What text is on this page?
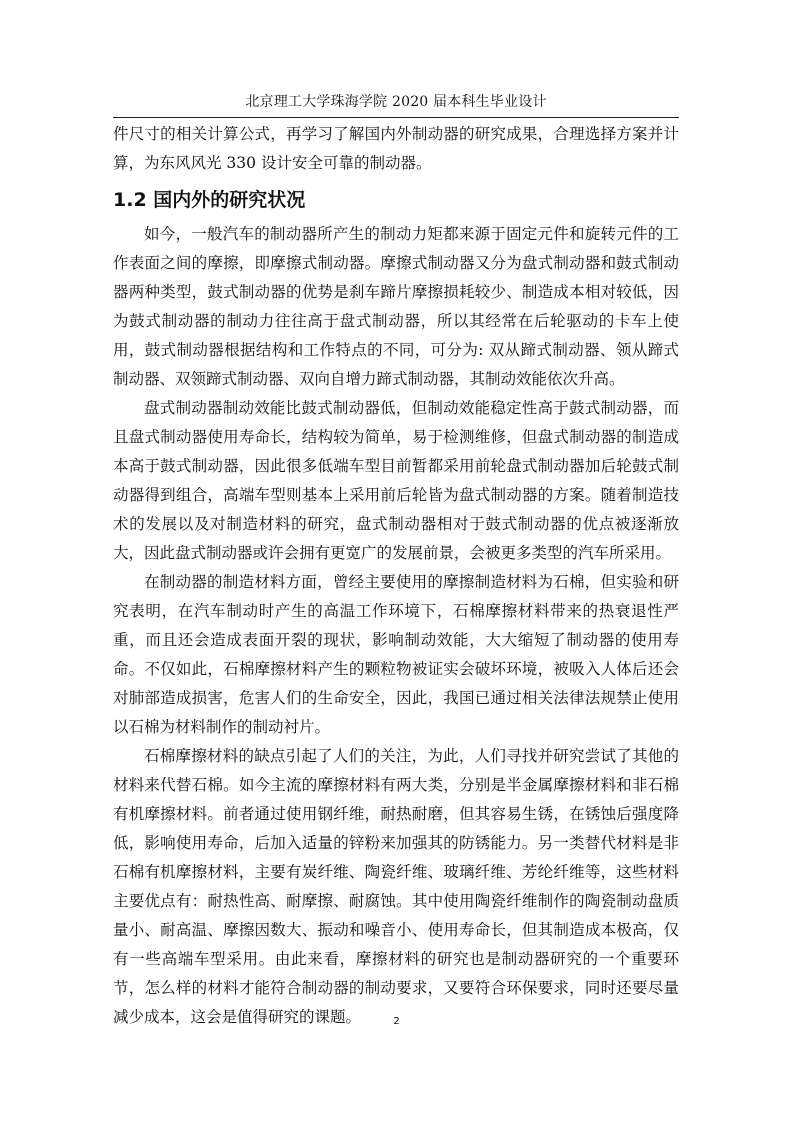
北京理工大学珠海学院 2020 届本科生毕业设计

件尺寸的相关计算公式，再学习了解国内外制动器的研究成果，合理选择方案并计算，为东风风光 330 设计安全可靠的制动器。

1.2 国内外的研究状况

如今，一般汽车的制动器所产生的制动力矩都来源于固定元件和旋转元件的工作表面之间的摩擦，即摩擦式制动器。摩擦式制动器又分为盘式制动器和鼓式制动器两种类型，鼓式制动器的优势是刹车蹄片摩擦损耗较少、制造成本相对较低，因为鼓式制动器的制动力往往高于盘式制动器，所以其经常在后轮驱动的卡车上使用，鼓式制动器根据结构和工作特点的不同，可分为: 双从蹄式制动器、领从蹄式制动器、双领蹄式制动器、双向自增力蹄式制动器，其制动效能依次升高。

盘式制动器制动效能比鼓式制动器低，但制动效能稳定性高于鼓式制动器，而且盘式制动器使用寿命长，结构较为简单，易于检测维修，但盘式制动器的制造成本高于鼓式制动器，因此很多低端车型目前暂都采用前轮盘式制动器加后轮鼓式制动器得到组合，高端车型则基本上采用前后轮皆为盘式制动器的方案。随着制造技术的发展以及对制造材料的研究，盘式制动器相对于鼓式制动器的优点被逐渐放大，因此盘式制动器或许会拥有更宽广的发展前景，会被更多类型的汽车所采用。

在制动器的制造材料方面，曾经主要使用的摩擦制造材料为石棉，但实验和研究表明，在汽车制动时产生的高温工作环境下，石棉摩擦材料带来的热衰退性严重，而且还会造成表面开裂的现状，影响制动效能，大大缩短了制动器的使用寿命。不仅如此，石棉摩擦材料产生的颗粒物被证实会破坏环境，被吸入人体后还会对肺部造成损害，危害人们的生命安全，因此，我国已通过相关法律法规禁止使用以石棉为材料制作的制动衬片。

石棉摩擦材料的缺点引起了人们的关注，为此，人们寻找并研究尝试了其他的材料来代替石棉。如今主流的摩擦材料有两大类，分别是半金属摩擦材料和非石棉有机摩擦材料。前者通过使用钢纤维，耐热耐磨，但其容易生锈，在锈蚀后强度降低，影响使用寿命，后加入适量的锌粉来加强其的防锈能力。另一类替代材料是非石棉有机摩擦材料，主要有炭纤维、陶瓷纤维、玻璃纤维、芳纶纤维等，这些材料主要优点有：耐热性高、耐摩擦、耐腐蚀。其中使用陶瓷纤维制作的陶瓷制动盘质量小、耐高温、摩擦因数大、振动和噪音小、使用寿命长，但其制造成本极高，仅有一些高端车型采用。由此来看，摩擦材料的研究也是制动器研究的一个重要环节，怎么样的材料才能符合制动器的制动要求，又要符合环保要求，同时还要尽量减少成本，这会是值得研究的课题。	2
